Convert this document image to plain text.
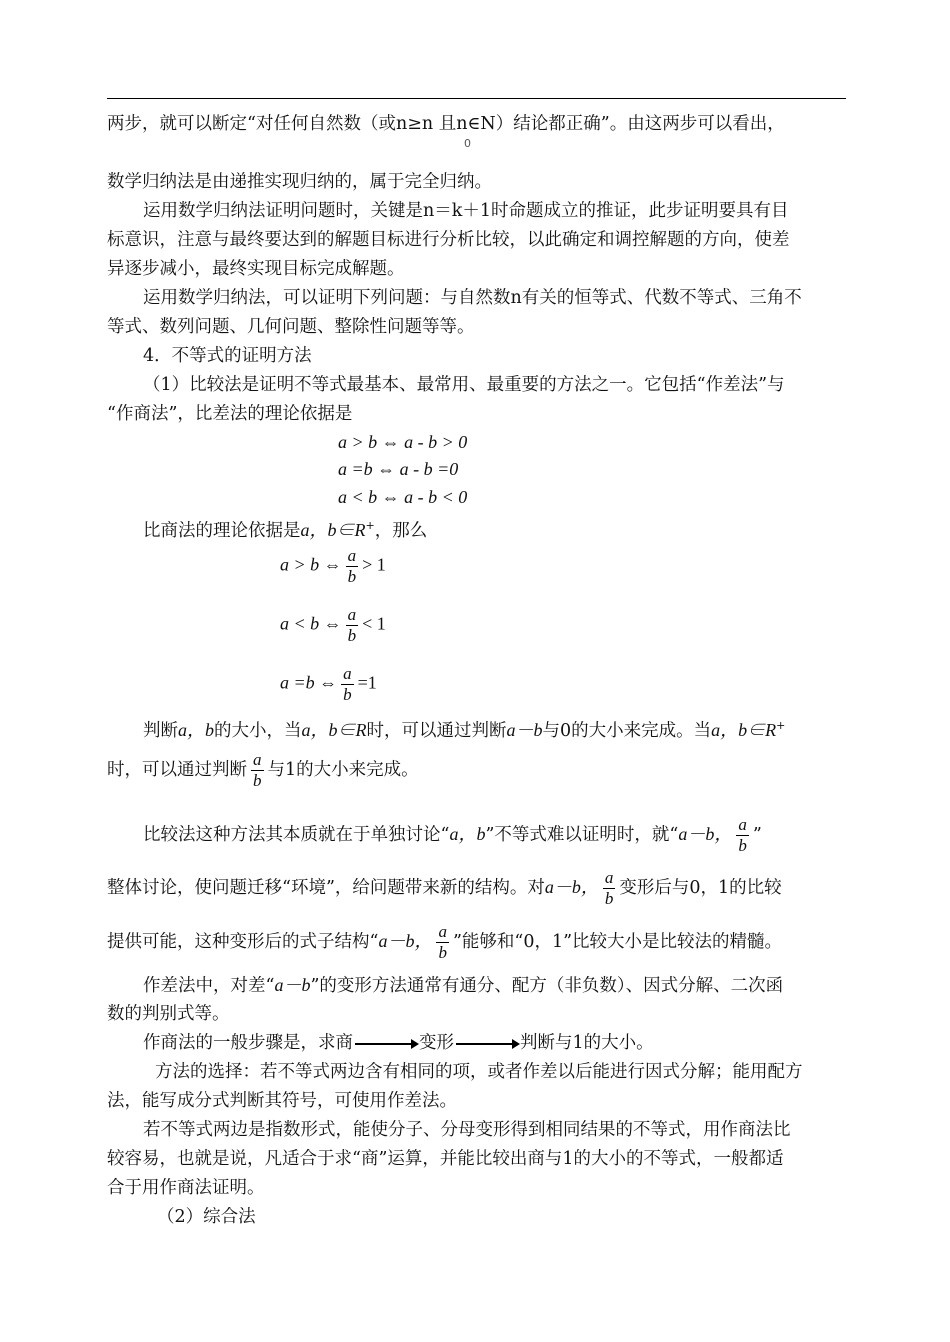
两步，就可以断定“对任何自然数（或n≥n 且n∈N）结论都正确”。由这两步可以看出，
0
数学归纳法是由递推实现归纳的，属于完全归纳。
运用数学归纳法证明问题时，关键是n＝k＋1时命题成立的推证，此步证明要具有目
标意识，注意与最终要达到的解题目标进行分析比较，以此确定和调控解题的方向，使差
异逐步减小，最终实现目标完成解题。
运用数学归纳法，可以证明下列问题：与自然数n有关的恒等式、代数不等式、三角不
等式、数列问题、几何问题、整除性问题等等。
4．不等式的证明方法
（1）比较法是证明不等式最基本、最常用、最重要的方法之一。它包括“作差法”与
“作商法”，比差法的理论依据是
a > b ⇔ a - b > 0
a =b ⇔ a - b =0
a < b ⇔ a - b < 0
比商法的理论依据是a，b∈R+，那么
a > b ⇔ $\frac{a}{b} > 1$
a < b ⇔ $\frac{a}{b} < 1$
a =b ⇔ $\frac{a}{b} =1$
判断a，b的大小，当a，b∈R时，可以通过判断a－b与0的大小来完成。当a，b∈R+
时，可以通过判断 $\frac{a}{b}$ 与1的大小来完成。
比较法这种方法其本质就在于单独讨论“a，b”不等式难以证明时，就“a－b， $\frac{a}{b}$ ”
整体讨论，使问题迁移“环境”，给问题带来新的结构。对a－b， $\frac{a}{b}$ 变形后与0，1的比较
提供可能，这种变形后的式子结构“a－b， $\frac{a}{b}$ ”能够和“0，1”比较大小是比较法的精髓。
作差法中，对差“a－b”的变形方法通常有通分、配方（非负数）、因式分解、二次函
数的判别式等。
作商法的一般步骤是，求商	变形	判断与1的大小。
方法的选择：若不等式两边含有相同的项，或者作差以后能进行因式分解；能用配方
法，能写成分式判断其符号，可使用作差法。
若不等式两边是指数形式，能使分子、分母变形得到相同结果的不等式，用作商法比
较容易，也就是说，凡适合于求“商”运算，并能比较出商与1的大小的不等式，一般都适
合于用作商法证明。
（2）综合法
